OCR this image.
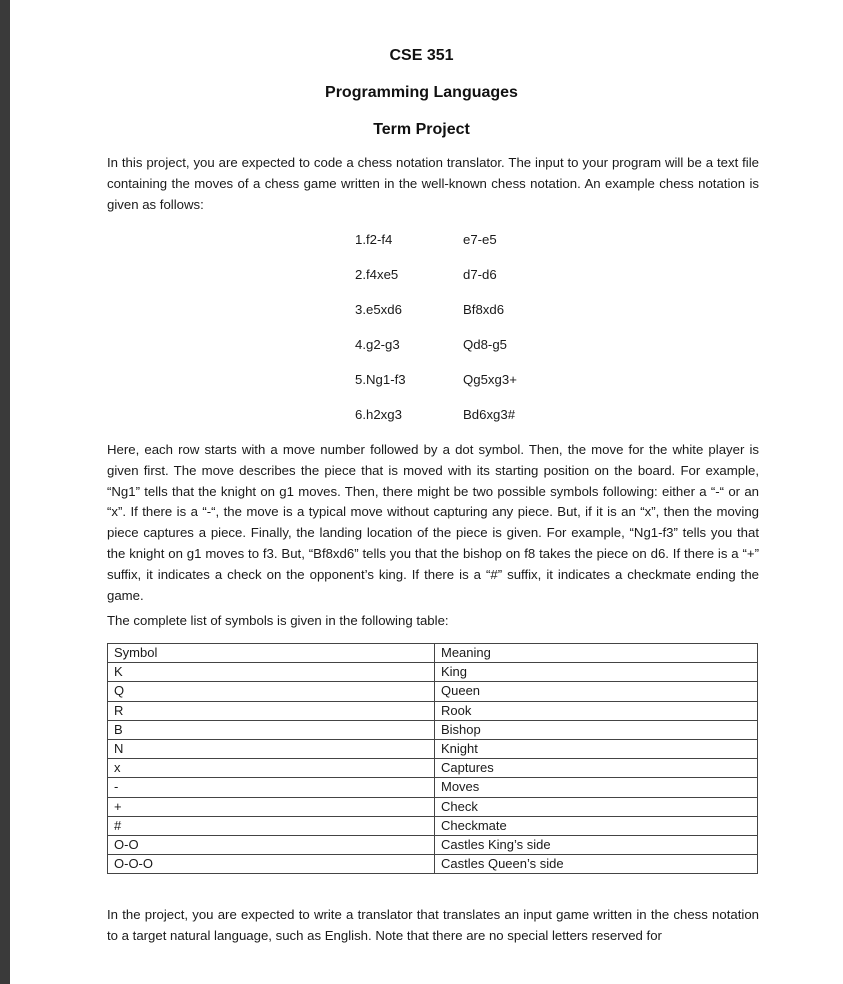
CSE 351
Programming Languages
Term Project
In this project, you are expected to code a chess notation translator. The input to your program will be a text file containing the moves of a chess game written in the well-known chess notation. An example chess notation is given as follows:
1.f2-f4	e7-e5
2.f4xe5	d7-d6
3.e5xd6	Bf8xd6
4.g2-g3	Qd8-g5
5.Ng1-f3	Qg5xg3+
6.h2xg3	Bd6xg3#
Here, each row starts with a move number followed by a dot symbol. Then, the move for the white player is given first. The move describes the piece that is moved with its starting position on the board. For example, “Ng1” tells that the knight on g1 moves. Then, there might be two possible symbols following: either a “-“ or an “x”. If there is a “-“, the move is a typical move without capturing any piece. But, if it is an “x”, then the moving piece captures a piece. Finally, the landing location of the piece is given. For example, “Ng1-f3” tells you that the knight on g1 moves to f3. But, “Bf8xd6” tells you that the bishop on f8 takes the piece on d6. If there is a “+” suffix, it indicates a check on the opponent’s king. If there is a “#” suffix, it indicates a checkmate ending the game.
The complete list of symbols is given in the following table:
Symbol	Meaning
K	King
Q	Queen
R	Rook
B	Bishop
N	Knight
x	Captures
-	Moves
+	Check
#	Checkmate
O-O	Castles King’s side
O-O-O	Castles Queen’s side
In the project, you are expected to write a translator that translates an input game written in the chess notation to a target natural language, such as English. Note that there are no special letters reserved for
